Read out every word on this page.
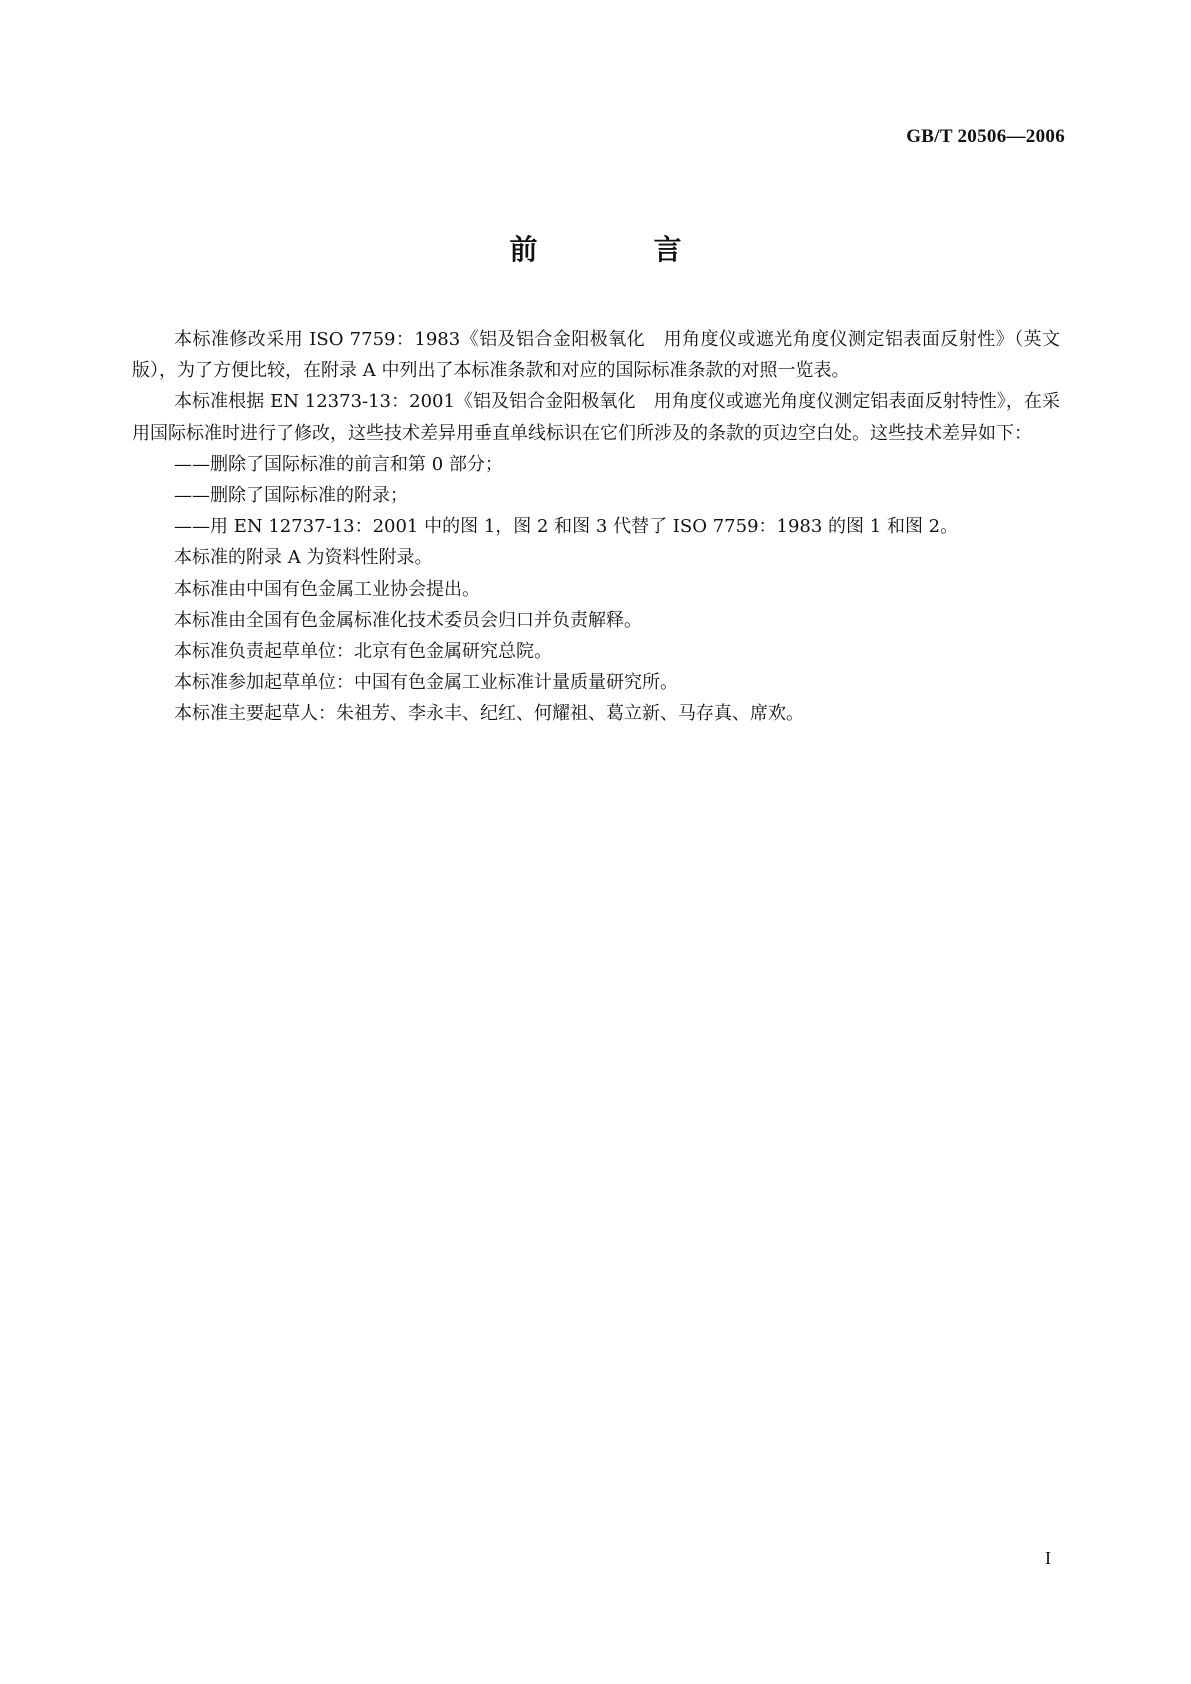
GB/T 20506—2006
前　言

本标准修改采用 ISO 7759：1983《铝及铝合金阳极氧化　用角度仪或遮光角度仪测定铝表面反射性》（英文版），为了方便比较，在附录 A 中列出了本标准条款和对应的国际标准条款的对照一览表。

本标准根据 EN 12373-13：2001《铝及铝合金阳极氧化　用角度仪或遮光角度仪测定铝表面反射特性》，在采用国际标准时进行了修改，这些技术差异用垂直单线标识在它们所涉及的条款的页边空白处。这些技术差异如下：

——删除了国际标准的前言和第 0 部分；

——删除了国际标准的附录；

——用 EN 12737-13：2001 中的图 1，图 2 和图 3 代替了 ISO 7759：1983 的图 1 和图 2。

本标准的附录 A 为资料性附录。

本标准由中国有色金属工业协会提出。

本标准由全国有色金属标准化技术委员会归口并负责解释。

本标准负责起草单位：北京有色金属研究总院。

本标准参加起草单位：中国有色金属工业标准计量质量研究所。

本标准主要起草人：朱祖芳、李永丰、纪红、何耀祖、葛立新、马存真、席欢。

I
